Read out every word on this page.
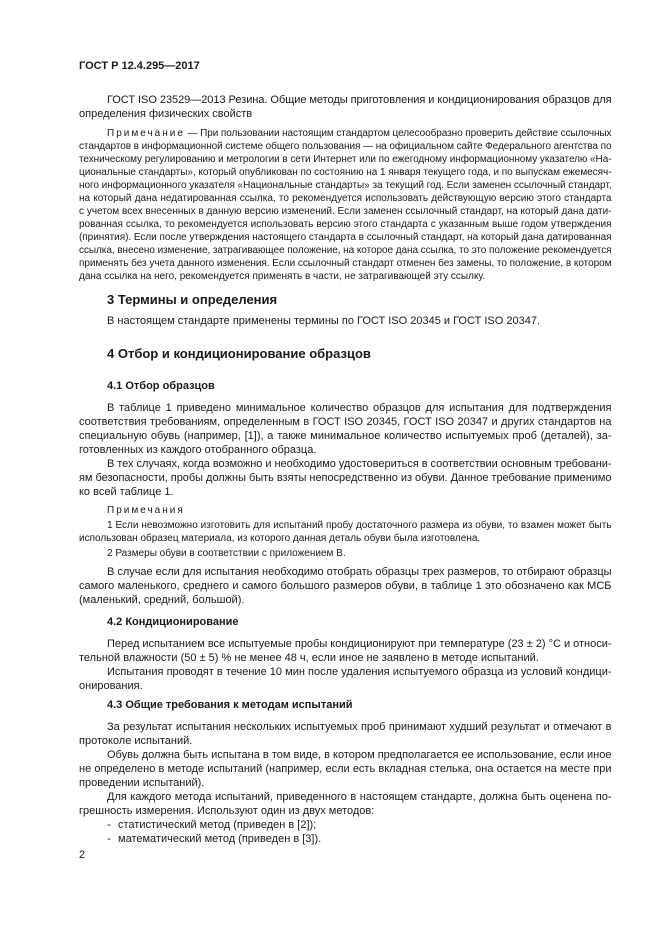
ГОСТ Р 12.4.295—2017
ГОСТ ISO 23529—2013 Резина. Общие методы приготовления и кондиционирования образцов для
определения физических свойств
Примечание — При пользовании настоящим стандартом целесообразно проверить действие ссылочных
стандартов в информационной системе общего пользования — на официальном сайте Федерального агентства по
техническому регулированию и метрологии в сети Интернет или по ежегодному информационному указателю «На-
циональные стандарты», который опубликован по состоянию на 1 января текущего года, и по выпускам ежемесяч-
ного информационного указателя «Национальные стандарты» за текущий год. Если заменен ссылочный стандарт,
на который дана недатированная ссылка, то рекомендуется использовать действующую версию этого стандарта
с учетом всех внесенных в данную версию изменений. Если заменен ссылочный стандарт, на который дана дати-
рованная ссылка, то рекомендуется использовать версию этого стандарта с указанным выше годом утверждения
(принятия). Если после утверждения настоящего стандарта в ссылочный стандарт, на который дана датированная
ссылка, внесено изменение, затрагивающее положение, на которое дана ссылка, то это положение рекомендуется
применять без учета данного изменения. Если ссылочный стандарт отменен без замены, то положение, в котором
дана ссылка на него, рекомендуется применять в части, не затрагивающей эту ссылку.
3 Термины и определения
В настоящем стандарте применены термины по ГОСТ ISO 20345 и ГОСТ ISO 20347.
4 Отбор и кондиционирование образцов
4.1 Отбор образцов
В таблице 1 приведено минимальное количество образцов для испытания для подтверждения
соответствия требованиям, определенным в ГОСТ ISO 20345, ГОСТ ISO 20347 и других стандартов на
специальную обувь (например, [1]), а также минимальное количество испытуемых проб (деталей), за-
готовленных из каждого отобранного образца.
В тех случаях, когда возможно и необходимо удостовериться в соответствии основным требовани-
ям безопасности, пробы должны быть взяты непосредственно из обуви. Данное требование применимо
ко всей таблице 1.
Примечания
1 Если невозможно изготовить для испытаний пробу достаточного размера из обуви, то взамен может быть
использован образец материала, из которого данная деталь обуви была изготовлена.
2 Размеры обуви в соответствии с приложением В.
В случае если для испытания необходимо отобрать образцы трех размеров, то отбирают образцы
самого маленького, среднего и самого большого размеров обуви, в таблице 1 это обозначено как МСБ
(маленький, средний, большой).
4.2 Кондиционирование
Перед испытанием все испытуемые пробы кондиционируют при температуре (23 ± 2) °C и относи-
тельной влажности (50 ± 5) % не менее 48 ч, если иное не заявлено в методе испытаний.
Испытания проводят в течение 10 мин после удаления испытуемого образца из условий кондици-
онирования.
4.3 Общие требования к методам испытаний
За результат испытания нескольких испытуемых проб принимают худший результат и отмечают в
протоколе испытаний.
Обувь должна быть испытана в том виде, в котором предполагается ее использование, если иное
не определено в методе испытаний (например, если есть вкладная стелька, она остается на месте при
проведении испытаний).
Для каждого метода испытаний, приведенного в настоящем стандарте, должна быть оценена по-
грешность измерения. Используют один из двух методов:
- статистический метод (приведен в [2]);
- математический метод (приведен в [3]).
2
